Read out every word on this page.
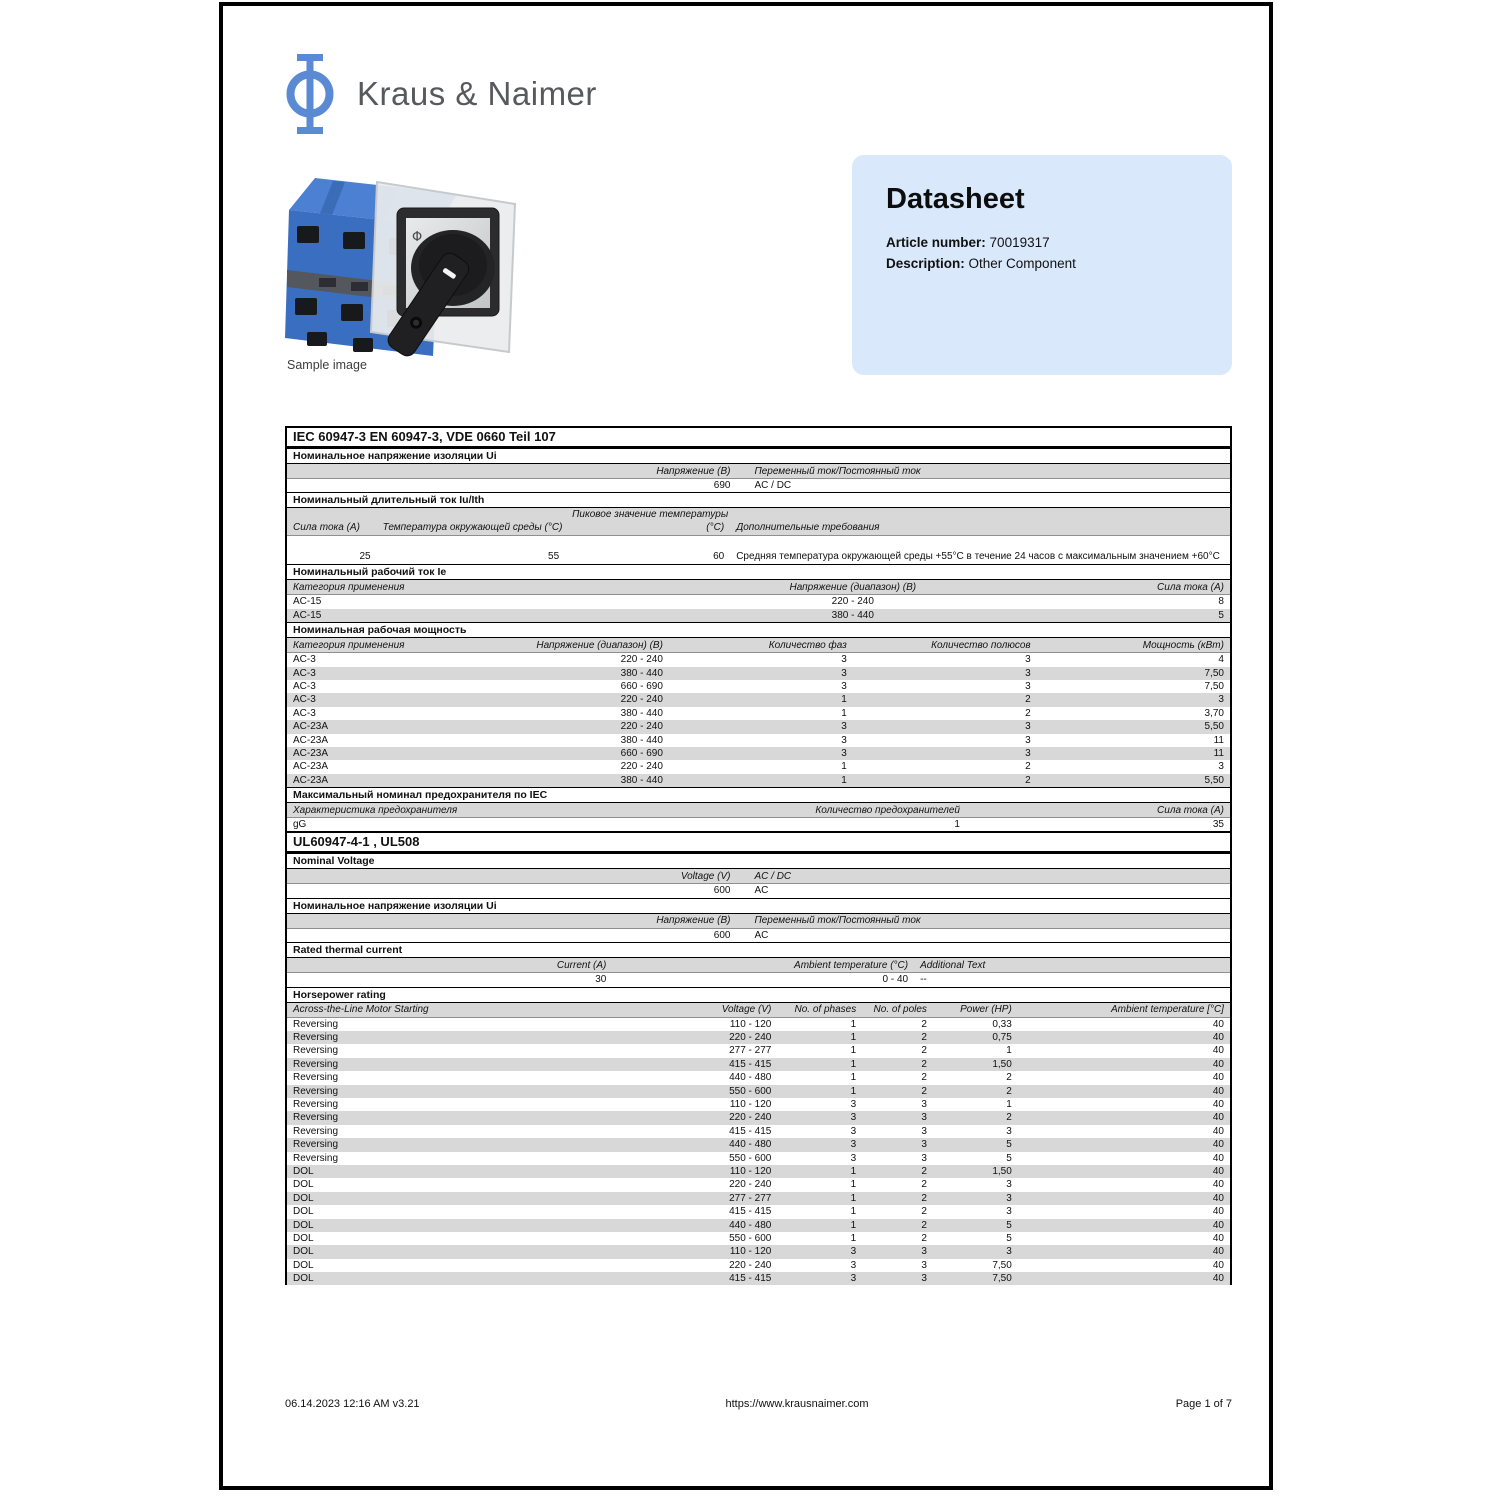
Kraus & Naimer
Φ
Sample image
Datasheet
Article number: 70019317
Description: Other Component
IEC 60947-3 EN 60947-3, VDE 0660 Teil 107
Номинальное напряжение изоляции Ui
Напряжение (B)	Переменный ток/Постоянный ток
690	AC / DC
Номинальный длительный ток Iu/Ith
Пиковое значение температуры
Сила тока (A)	Температура окружающей среды (°C)	(°C)	Дополнительные требования
25	55	60	Средняя температура окружающей среды +55°C в течение 24 часов с максимальным значением +60°C
Номинальный рабочий ток Ie
Категория применения	Напряжение (диапазон) (B)	Сила тока (A)
AC-15	220 - 240	8
AC-15	380 - 440	5
Номинальная рабочая мощность
Категория применения	Напряжение (диапазон) (B)	Количество фаз	Количество полюсов	Мощность (кВт)
AC-3	220 - 240	3	3	4
AC-3	380 - 440	3	3	7,50
AC-3	660 - 690	3	3	7,50
AC-3	220 - 240	1	2	3
AC-3	380 - 440	1	2	3,70
AC-23A	220 - 240	3	3	5,50
AC-23A	380 - 440	3	3	11
AC-23A	660 - 690	3	3	11
AC-23A	220 - 240	1	2	3
AC-23A	380 - 440	1	2	5,50
Максимальный номинал предохранителя по IEC
Характеристика предохранителя	Количество предохранителей	Сила тока (A)
gG	1	35
UL60947-4-1 , UL508
Nominal Voltage
Voltage (V)	AC / DC
600	AC
Номинальное напряжение изоляции Ui
Напряжение (B)	Переменный ток/Постоянный ток
600	AC
Rated thermal current
Current (A)	Ambient temperature (°C)	Additional Text
30	0 - 40	--
Horsepower rating
Across-the-Line Motor Starting	Voltage (V)	No. of phases	No. of poles	Power (HP)	Ambient temperature [°C]
Reversing	110 - 120	1	2	0,33	40
Reversing	220 - 240	1	2	0,75	40
Reversing	277 - 277	1	2	1	40
Reversing	415 - 415	1	2	1,50	40
Reversing	440 - 480	1	2	2	40
Reversing	550 - 600	1	2	2	40
Reversing	110 - 120	3	3	1	40
Reversing	220 - 240	3	3	2	40
Reversing	415 - 415	3	3	3	40
Reversing	440 - 480	3	3	5	40
Reversing	550 - 600	3	3	5	40
DOL	110 - 120	1	2	1,50	40
DOL	220 - 240	1	2	3	40
DOL	277 - 277	1	2	3	40
DOL	415 - 415	1	2	3	40
DOL	440 - 480	1	2	5	40
DOL	550 - 600	1	2	5	40
DOL	110 - 120	3	3	3	40
DOL	220 - 240	3	3	7,50	40
DOL	415 - 415	3	3	7,50	40
06.14.2023 12:16 AM v3.21	https://www.krausnaimer.com	Page 1 of 7
